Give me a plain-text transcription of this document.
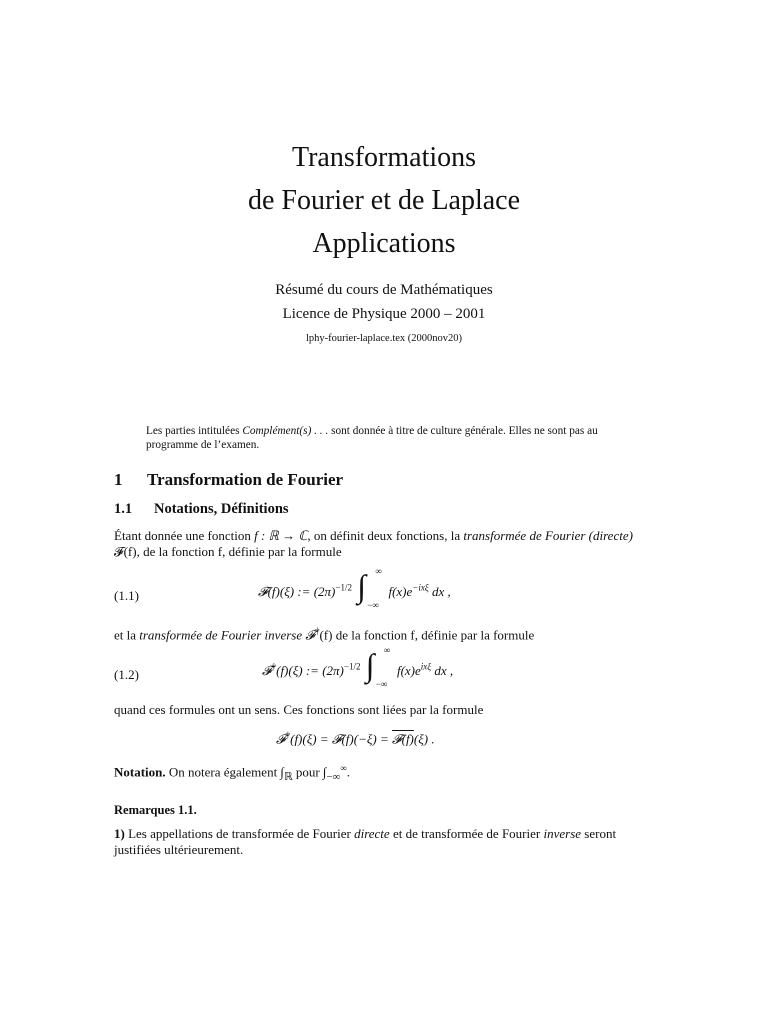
Transformations
de Fourier et de Laplace
Applications
Résumé du cours de Mathématiques
Licence de Physique 2000 – 2001
lphy-fourier-laplace.tex (2000nov20)
Les parties intitulées Complément(s) . . . sont donnée à titre de culture générale. Elles ne sont pas au programme de l’examen.
1 Transformation de Fourier
1.1 Notations, Définitions
Étant donnée une fonction f : ℝ → ℂ, on définit deux fonctions, la transformée de Fourier (directe) 𝓕(f), de la fonction f, définie par la formule
(1.1)	𝓕(f)(ξ) := $(2\pi)^{-1/2}$ ∫ ∞
−∞
$f(x)e^{-ix\xi}$ dx ,
et la transformée de Fourier inverse 𝓕†(f) de la fonction f, définie par la formule
(1.2)	𝓕†(f)(ξ) := $(2\pi)^{-1/2}$ ∫ ∞
−∞
$f(x)e^{ix\xi}$ dx ,
quand ces formules ont un sens. Ces fonctions sont liées par la formule
𝓕†(f)(ξ) = 𝓕(f)(−ξ) = 𝓕(f)(ξ) .
Notation. On notera également $\int_ℝ$ pour $\int_{-\infty}^\infty$.
Remarques 1.1.
1) Les appellations de transformée de Fourier directe et de transformée de Fourier inverse seront justifiées ultérieurement.
